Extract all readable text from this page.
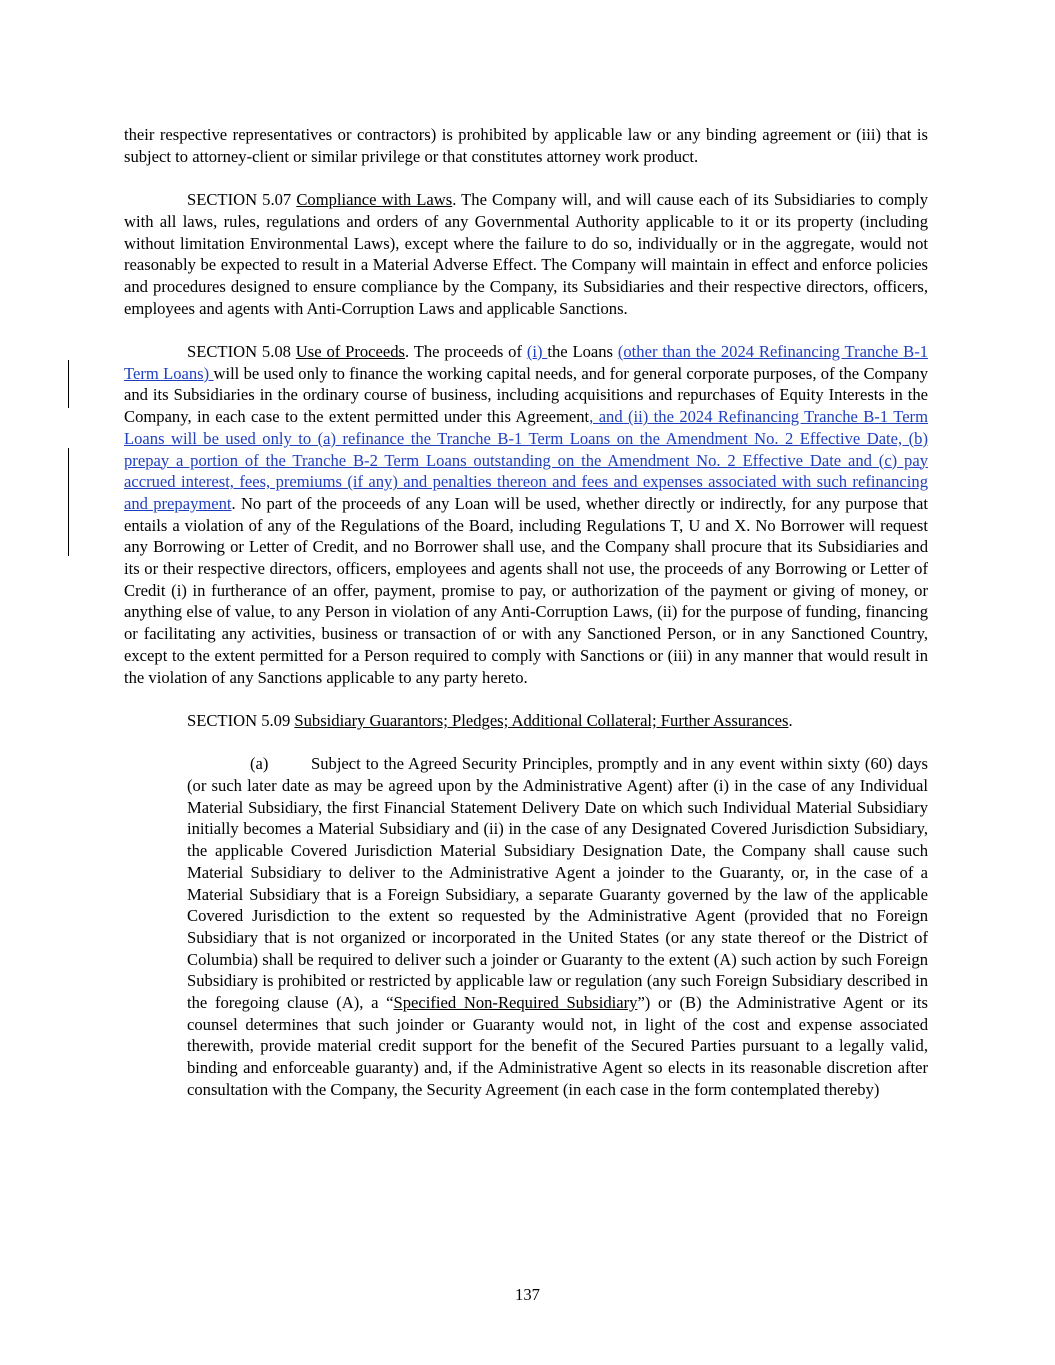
their respective representatives or contractors) is prohibited by applicable law or any binding agreement or (iii) that is subject to attorney-client or similar privilege or that constitutes attorney work product.

SECTION 5.07 Compliance with Laws. The Company will, and will cause each of its Subsidiaries to comply with all laws, rules, regulations and orders of any Governmental Authority applicable to it or its property (including without limitation Environmental Laws), except where the failure to do so, individually or in the aggregate, would not reasonably be expected to result in a Material Adverse Effect. The Company will maintain in effect and enforce policies and procedures designed to ensure compliance by the Company, its Subsidiaries and their respective directors, officers, employees and agents with Anti-Corruption Laws and applicable Sanctions.

SECTION 5.08 Use of Proceeds. The proceeds of (i) the Loans (other than the 2024 Refinancing Tranche B-1 Term Loans) will be used only to finance the working capital needs, and for general corporate purposes, of the Company and its Subsidiaries in the ordinary course of business, including acquisitions and repurchases of Equity Interests in the Company, in each case to the extent permitted under this Agreement, and (ii) the 2024 Refinancing Tranche B-1 Term Loans will be used only to (a) refinance the Tranche B-1 Term Loans on the Amendment No. 2 Effective Date, (b) prepay a portion of the Tranche B-2 Term Loans outstanding on the Amendment No. 2 Effective Date and (c) pay accrued interest, fees, premiums (if any) and penalties thereon and fees and expenses associated with such refinancing and prepayment. No part of the proceeds of any Loan will be used, whether directly or indirectly, for any purpose that entails a violation of any of the Regulations of the Board, including Regulations T, U and X. No Borrower will request any Borrowing or Letter of Credit, and no Borrower shall use, and the Company shall procure that its Subsidiaries and its or their respective directors, officers, employees and agents shall not use, the proceeds of any Borrowing or Letter of Credit (i) in furtherance of an offer, payment, promise to pay, or authorization of the payment or giving of money, or anything else of value, to any Person in violation of any Anti-Corruption Laws, (ii) for the purpose of funding, financing or facilitating any activities, business or transaction of or with any Sanctioned Person, or in any Sanctioned Country, except to the extent permitted for a Person required to comply with Sanctions or (iii) in any manner that would result in the violation of any Sanctions applicable to any party hereto.

SECTION 5.09 Subsidiary Guarantors; Pledges; Additional Collateral; Further Assurances.

(a)	Subject to the Agreed Security Principles, promptly and in any event within sixty (60) days (or such later date as may be agreed upon by the Administrative Agent) after (i) in the case of any Individual Material Subsidiary, the first Financial Statement Delivery Date on which such Individual Material Subsidiary initially becomes a Material Subsidiary and (ii) in the case of any Designated Covered Jurisdiction Subsidiary, the applicable Covered Jurisdiction Material Subsidiary Designation Date, the Company shall cause such Material Subsidiary to deliver to the Administrative Agent a joinder to the Guaranty, or, in the case of a Material Subsidiary that is a Foreign Subsidiary, a separate Guaranty governed by the law of the applicable Covered Jurisdiction to the extent so requested by the Administrative Agent (provided that no Foreign Subsidiary that is not organized or incorporated in the United States (or any state thereof or the District of Columbia) shall be required to deliver such a joinder or Guaranty to the extent (A) such action by such Foreign Subsidiary is prohibited or restricted by applicable law or regulation (any such Foreign Subsidiary described in the foregoing clause (A), a “Specified Non-Required Subsidiary”) or (B) the Administrative Agent or its counsel determines that such joinder or Guaranty would not, in light of the cost and expense associated therewith, provide material credit support for the benefit of the Secured Parties pursuant to a legally valid, binding and enforceable guaranty) and, if the Administrative Agent so elects in its reasonable discretion after consultation with the Company, the Security Agreement (in each case in the form contemplated thereby)

137
